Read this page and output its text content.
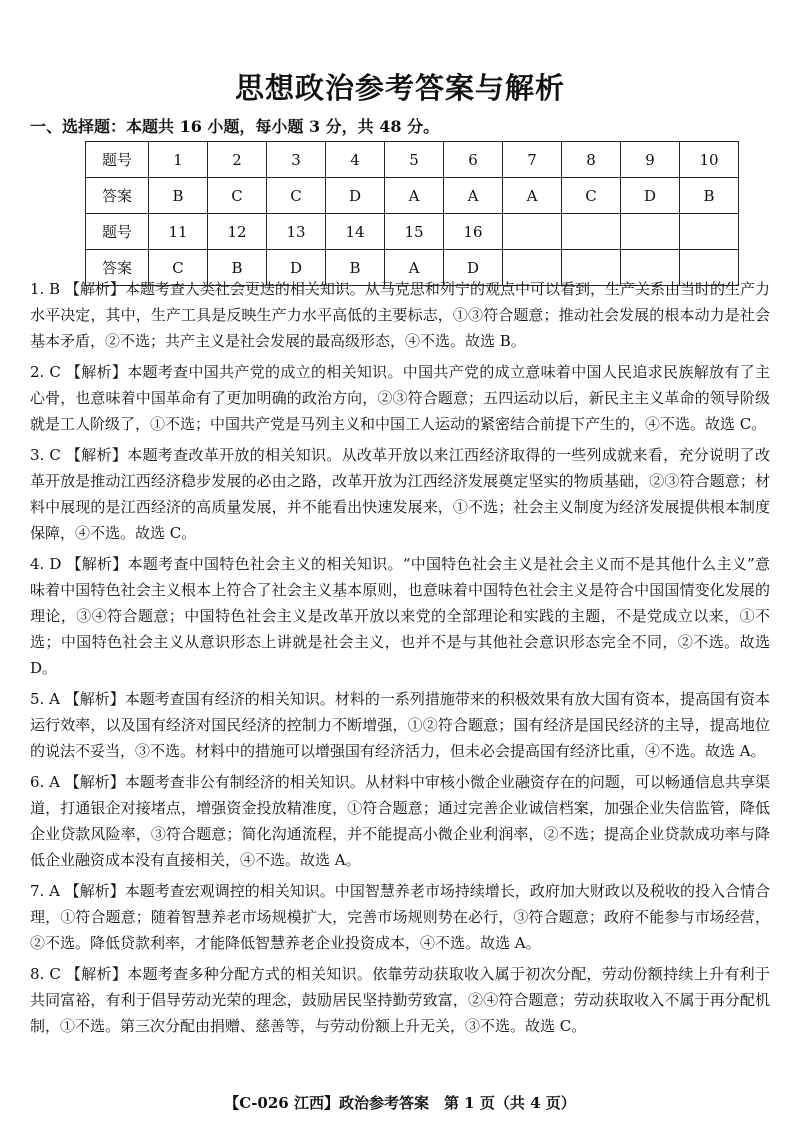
思想政治参考答案与解析
一、选择题：本题共 16 小题，每小题 3 分，共 48 分。
题号	1	2	3	4	5	6	7	8	9	10
答案	B	C	C	D	A	A	A	C	D	B
题号	11	12	13	14	15	16				
答案	C	B	D	B	A	D				
1. B 【解析】本题考查人类社会更迭的相关知识。从马克思和列宁的观点中可以看到，生产关系由当时的生产力水平决定，其中，生产工具是反映生产力水平高低的主要标志，①③符合题意；推动社会发展的根本动力是社会基本矛盾，②不选；共产主义是社会发展的最高级形态，④不选。故选 B。
2. C 【解析】本题考查中国共产党的成立的相关知识。中国共产党的成立意味着中国人民追求民族解放有了主心骨，也意味着中国革命有了更加明确的政治方向，②③符合题意；五四运动以后，新民主主义革命的领导阶级就是工人阶级了，①不选；中国共产党是马列主义和中国工人运动的紧密结合前提下产生的，④不选。故选 C。
3. C 【解析】本题考查改革开放的相关知识。从改革开放以来江西经济取得的一些列成就来看，充分说明了改革开放是推动江西经济稳步发展的必由之路，改革开放为江西经济发展奠定坚实的物质基础，②③符合题意；材料中展现的是江西经济的高质量发展，并不能看出快速发展来，①不选；社会主义制度为经济发展提供根本制度保障，④不选。故选 C。
4. D 【解析】本题考查中国特色社会主义的相关知识。“中国特色社会主义是社会主义而不是其他什么主义”意味着中国特色社会主义根本上符合了社会主义基本原则，也意味着中国特色社会主义是符合中国国情变化发展的理论，③④符合题意；中国特色社会主义是改革开放以来党的全部理论和实践的主题，不是党成立以来，①不选；中国特色社会主义从意识形态上讲就是社会主义，也并不是与其他社会意识形态完全不同，②不选。故选 D。
5. A 【解析】本题考查国有经济的相关知识。材料的一系列措施带来的积极效果有放大国有资本，提高国有资本运行效率，以及国有经济对国民经济的控制力不断增强，①②符合题意；国有经济是国民经济的主导，提高地位的说法不妥当，③不选。材料中的措施可以增强国有经济活力，但未必会提高国有经济比重，④不选。故选 A。
6. A 【解析】本题考查非公有制经济的相关知识。从材料中审核小微企业融资存在的问题，可以畅通信息共享渠道，打通银企对接堵点，增强资金投放精准度，①符合题意；通过完善企业诚信档案，加强企业失信监管，降低企业贷款风险率，③符合题意；简化沟通流程，并不能提高小微企业利润率，②不选；提高企业贷款成功率与降低企业融资成本没有直接相关，④不选。故选 A。
7. A 【解析】本题考查宏观调控的相关知识。中国智慧养老市场持续增长，政府加大财政以及税收的投入合情合理，①符合题意；随着智慧养老市场规模扩大，完善市场规则势在必行，③符合题意；政府不能参与市场经营，②不选。降低贷款利率，才能降低智慧养老企业投资成本，④不选。故选 A。
8. C 【解析】本题考查多种分配方式的相关知识。依靠劳动获取收入属于初次分配，劳动份额持续上升有利于共同富裕，有利于倡导劳动光荣的理念，鼓励居民坚持勤劳致富，②④符合题意；劳动获取收入不属于再分配机制，①不选。第三次分配由捐赠、慈善等，与劳动份额上升无关，③不选。故选 C。
【C-026 江西】政治参考答案　第 1 页（共 4 页）
